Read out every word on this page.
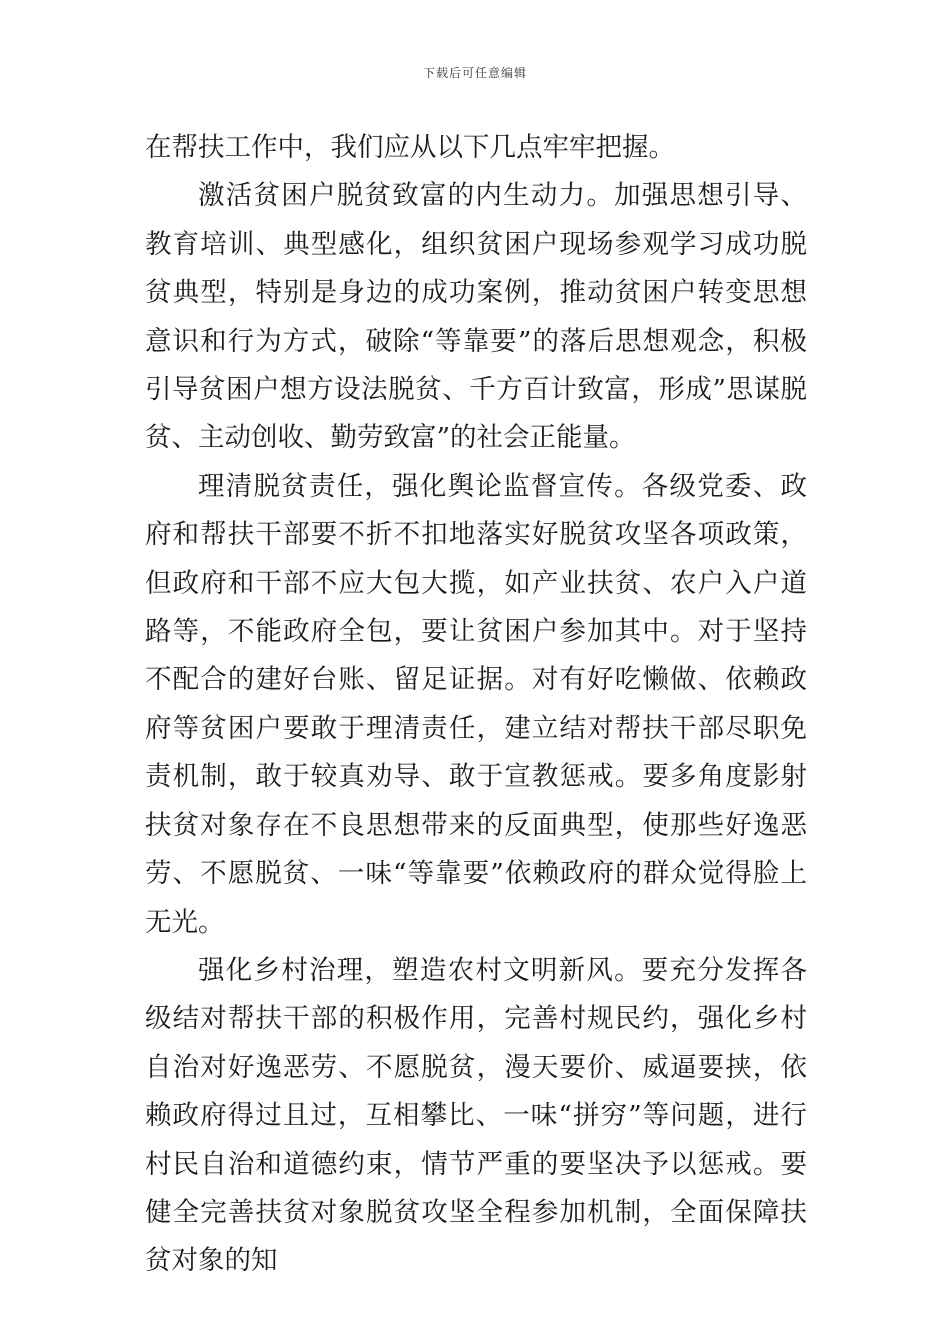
下载后可任意编辑

在帮扶工作中，我们应从以下几点牢牢把握。

激活贫困户脱贫致富的内生动力。加强思想引导、教育培训、典型感化，组织贫困户现场参观学习成功脱贫典型，特别是身边的成功案例，推动贫困户转变思想意识和行为方式，破除“等靠要”的落后思想观念，积极引导贫困户想方设法脱贫、千方百计致富，形成”思谋脱贫、主动创收、勤劳致富”的社会正能量。

理清脱贫责任，强化舆论监督宣传。各级党委、政府和帮扶干部要不折不扣地落实好脱贫攻坚各项政策，但政府和干部不应大包大揽，如产业扶贫、农户入户道路等，不能政府全包，要让贫困户参加其中。对于坚持不配合的建好台账、留足证据。对有好吃懒做、依赖政府等贫困户要敢于理清责任，建立结对帮扶干部尽职免责机制，敢于较真劝导、敢于宣教惩戒。要多角度影射扶贫对象存在不良思想带来的反面典型，使那些好逸恶劳、不愿脱贫、一味“等靠要”依赖政府的群众觉得脸上无光。

强化乡村治理，塑造农村文明新风。要充分发挥各级结对帮扶干部的积极作用，完善村规民约，强化乡村自治对好逸恶劳、不愿脱贫，漫天要价、威逼要挟，依赖政府得过且过，互相攀比、一味“拼穷”等问题，进行村民自治和道德约束，情节严重的要坚决予以惩戒。要健全完善扶贫对象脱贫攻坚全程参加机制，全面保障扶贫对象的知
